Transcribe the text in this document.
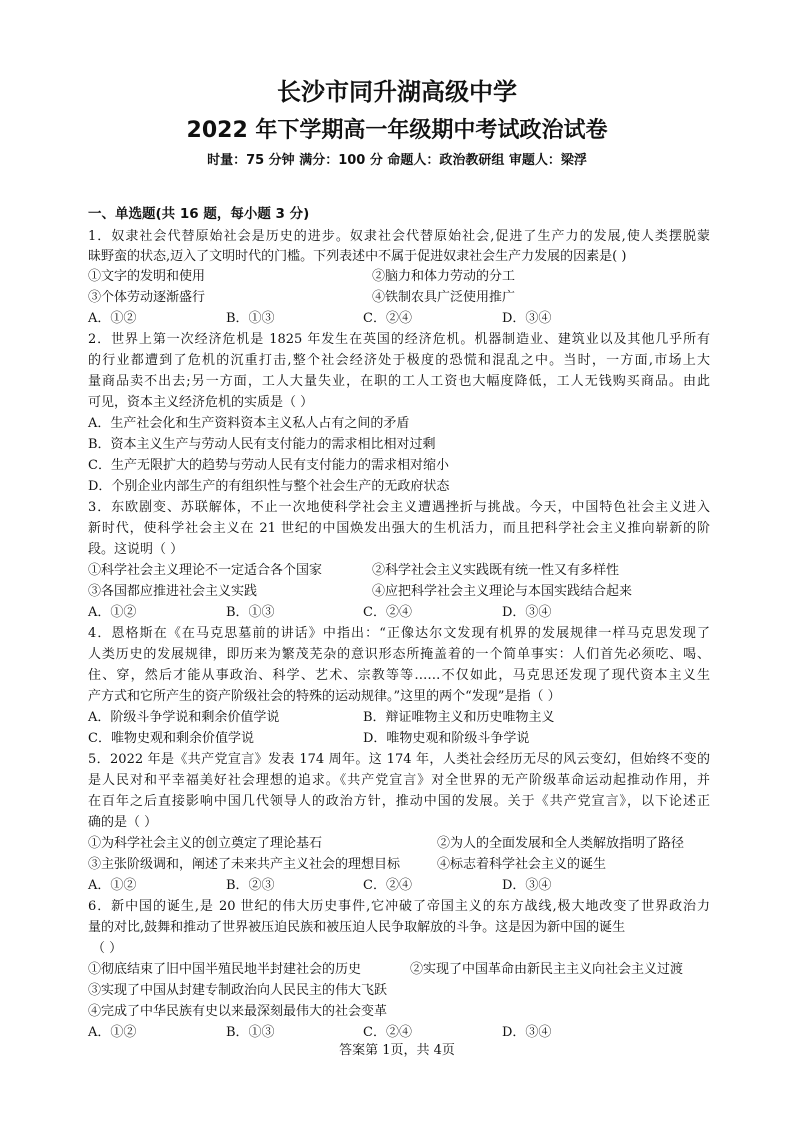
长沙市同升湖高级中学
2022 年下学期高一年级期中考试政治试卷
时量：75 分钟 满分：100 分 命题人：政治教研组 审题人：梁浮
一、单选题(共 16 题，每小题 3 分)
1．奴隶社会代替原始社会是历史的进步。奴隶社会代替原始社会,促进了生产力的发展,使人类摆脱蒙
昧野蛮的状态,迈入了文明时代的门槛。下列表述中不属于促进奴隶社会生产力发展的因素是( )
①文字的发明和使用	②脑力和体力劳动的分工
③个体劳动逐渐盛行	④铁制农具广泛使用推广
A．①②	B．①③	C．②④	D．③④
2．世界上第一次经济危机是 1825 年发生在英国的经济危机。机器制造业、建筑业以及其他几乎所有
的行业都遭到了危机的沉重打击,整个社会经济处于极度的恐慌和混乱之中。当时，一方面,市场上大
量商品卖不出去;另一方面，工人大量失业，在职的工人工资也大幅度降低，工人无钱购买商品。由此
可见，资本主义经济危机的实质是（ ）
A．生产社会化和生产资料资本主义私人占有之间的矛盾
B．资本主义生产与劳动人民有支付能力的需求相比相对过剩
C．生产无限扩大的趋势与劳动人民有支付能力的需求相对缩小
D．个别企业内部生产的有组织性与整个社会生产的无政府状态
3．东欧剧变、苏联解体，不止一次地使科学社会主义遭遇挫折与挑战。今天，中国特色社会主义进入
新时代，使科学社会主义在 21 世纪的中国焕发出强大的生机活力，而且把科学社会主义推向崭新的阶
段。这说明（ ）
①科学社会主义理论不一定适合各个国家	②科学社会主义实践既有统一性又有多样性
③各国都应推进社会主义实践	④应把科学社会主义理论与本国实践结合起来
A．①②	B．①③	C．②④	D．③④
4．恩格斯在《在马克思墓前的讲话》中指出：“正像达尔文发现有机界的发展规律一样马克思发现了
人类历史的发展规律，即历来为繁茂芜杂的意识形态所掩盖着的一个简单事实：人们首先必须吃、喝、
住、穿，然后才能从事政治、科学、艺术、宗教等等……不仅如此，马克思还发现了现代资本主义生
产方式和它所产生的资产阶级社会的特殊的运动规律。”这里的两个“发现”是指（ ）
A．阶级斗争学说和剩余价值学说	B．辩证唯物主义和历史唯物主义
C．唯物史观和剩余价值学说	D．唯物史观和阶级斗争学说
5．2022 年是《共产党宣言》发表 174 周年。这 174 年，人类社会经历无尽的风云变幻，但始终不变的
是人民对和平幸福美好社会理想的追求。《共产党宣言》对全世界的无产阶级革命运动起推动作用，并
在百年之后直接影响中国几代领导人的政治方针，推动中国的发展。关于《共产党宣言》，以下论述正
确的是（ ）
①为科学社会主义的创立奠定了理论基石	②为人的全面发展和全人类解放指明了路径
③主张阶级调和，阐述了未来共产主义社会的理想目标	④标志着科学社会主义的诞生
A．①②	B．②③	C．②④	D．③④
6．新中国的诞生,是 20 世纪的伟大历史事件,它冲破了帝国主义的东方战线,极大地改变了世界政治力
量的对比,鼓舞和推动了世界被压迫民族和被压迫人民争取解放的斗争。这是因为新中国的诞生
（ ）
①彻底结束了旧中国半殖民地半封建社会的历史	②实现了中国革命由新民主主义向社会主义过渡
③实现了中国从封建专制政治向人民民主的伟大飞跃
④完成了中华民族有史以来最深刻最伟大的社会变革
A．①②	B．①③	C．②④	D．③④
答案第 1页，共 4页
